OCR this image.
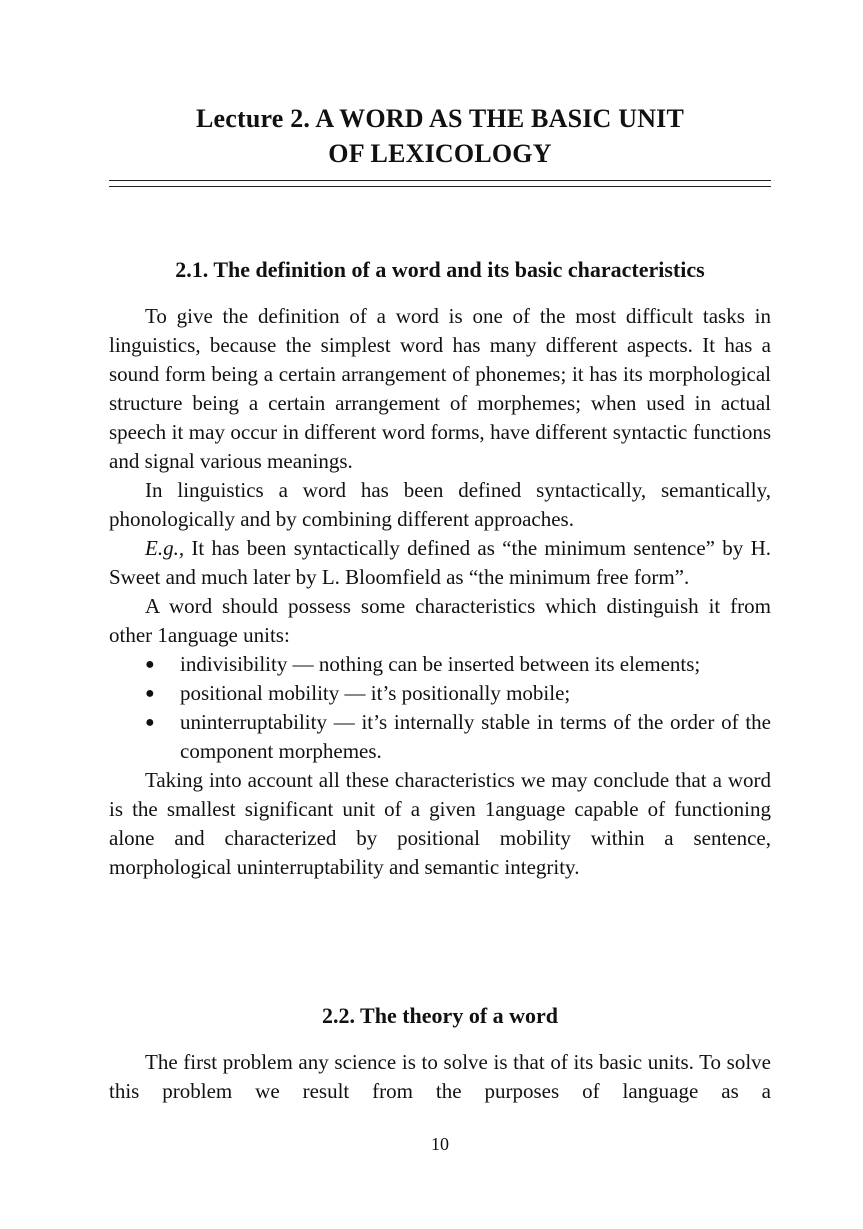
Lecture 2. A WORD AS THE BASIC UNIT
OF LEXICOLOGY
2.1. The definition of a word and its basic characteristics

To give the definition of a word is one of the most difficult tasks in linguistics, because the simplest word has many different aspects. It has a sound form being a certain arrangement of phonemes; it has its morphological structure being a certain arrangement of morphemes; when used in actual speech it may occur in different word forms, have different syntactic functions and signal various meanings.

In linguistics a word has been defined syntactically, semantically, phonologically and by combining different approaches.

E.g., It has been syntactically defined as “the minimum sentence” by H. Sweet and much later by L. Bloomfield as “the minimum free form”.

A word should possess some characteristics which distinguish it from other 1anguage units:

● indivisibility — nothing can be inserted between its elements;
● positional mobility — it’s positionally mobile;
● uninterruptability — it’s internally stable in terms of the order of the component morphemes.

Taking into account all these characteristics we may conclude that a word is the smallest significant unit of a given 1anguage capable of functioning alone and characterized by positional mobility within a sentence, morphological uninterruptability and semantic integrity.

2.2. The theory of a word

The first problem any science is to solve is that of its basic units. To solve this problem we result from the purposes of language as a

10
